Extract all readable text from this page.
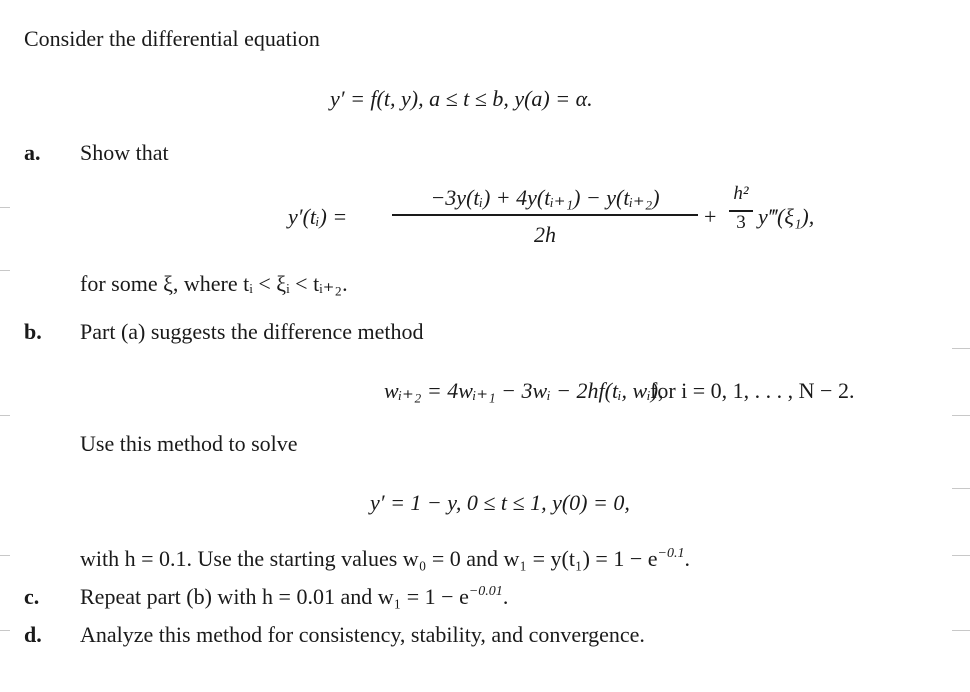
Consider the differential equation
y′ = f(t, y), a ≤ t ≤ b, y(a) = α.
a. Show that
y′(tᵢ) =
−3y(tᵢ) + 4y(tᵢ₊₁) − y(tᵢ₊₂)
2h
+
h²
3 y‴(ξ₁),
for some ξ, where tᵢ < ξᵢ < tᵢ₊₂.
b. Part (a) suggests the difference method
wᵢ₊₂ = 4wᵢ₊₁ − 3wᵢ − 2hf(tᵢ, wᵢ),
for i = 0, 1, . . . , N − 2.
Use this method to solve
y′ = 1 − y, 0 ≤ t ≤ 1, y(0) = 0,
with h = 0.1. Use the starting values w₀ = 0 and $w_1 = y(t_1) = 1 - e^{-0.1}$.
c. Repeat part (b) with h = 0.01 and $w_1 = 1 - e^{-0.01}$.
d. Analyze this method for consistency, stability, and convergence.
